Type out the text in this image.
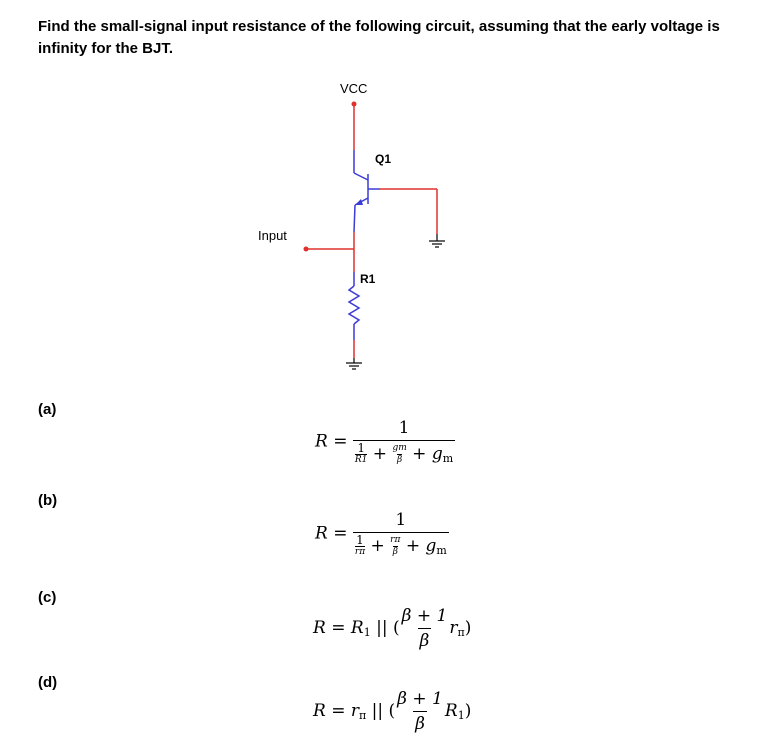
Find the small-signal input resistance of the following circuit, assuming that the early voltage is infinity for the BJT.

VCC
Q1
Input
R1
(a)
R = 1
1
$R1 + \frac{gm}{\beta} + g_m$
(b)
R = 1
1
$r\pi + \frac{r\pi}{\beta} + g_m$
(c)
$R = R_1$ || ( $\frac{\beta + 1}{\beta} r_\pi$)
(d)
$R = r_\pi$ || ( $\frac{\beta + 1}{\beta} R_1$)
